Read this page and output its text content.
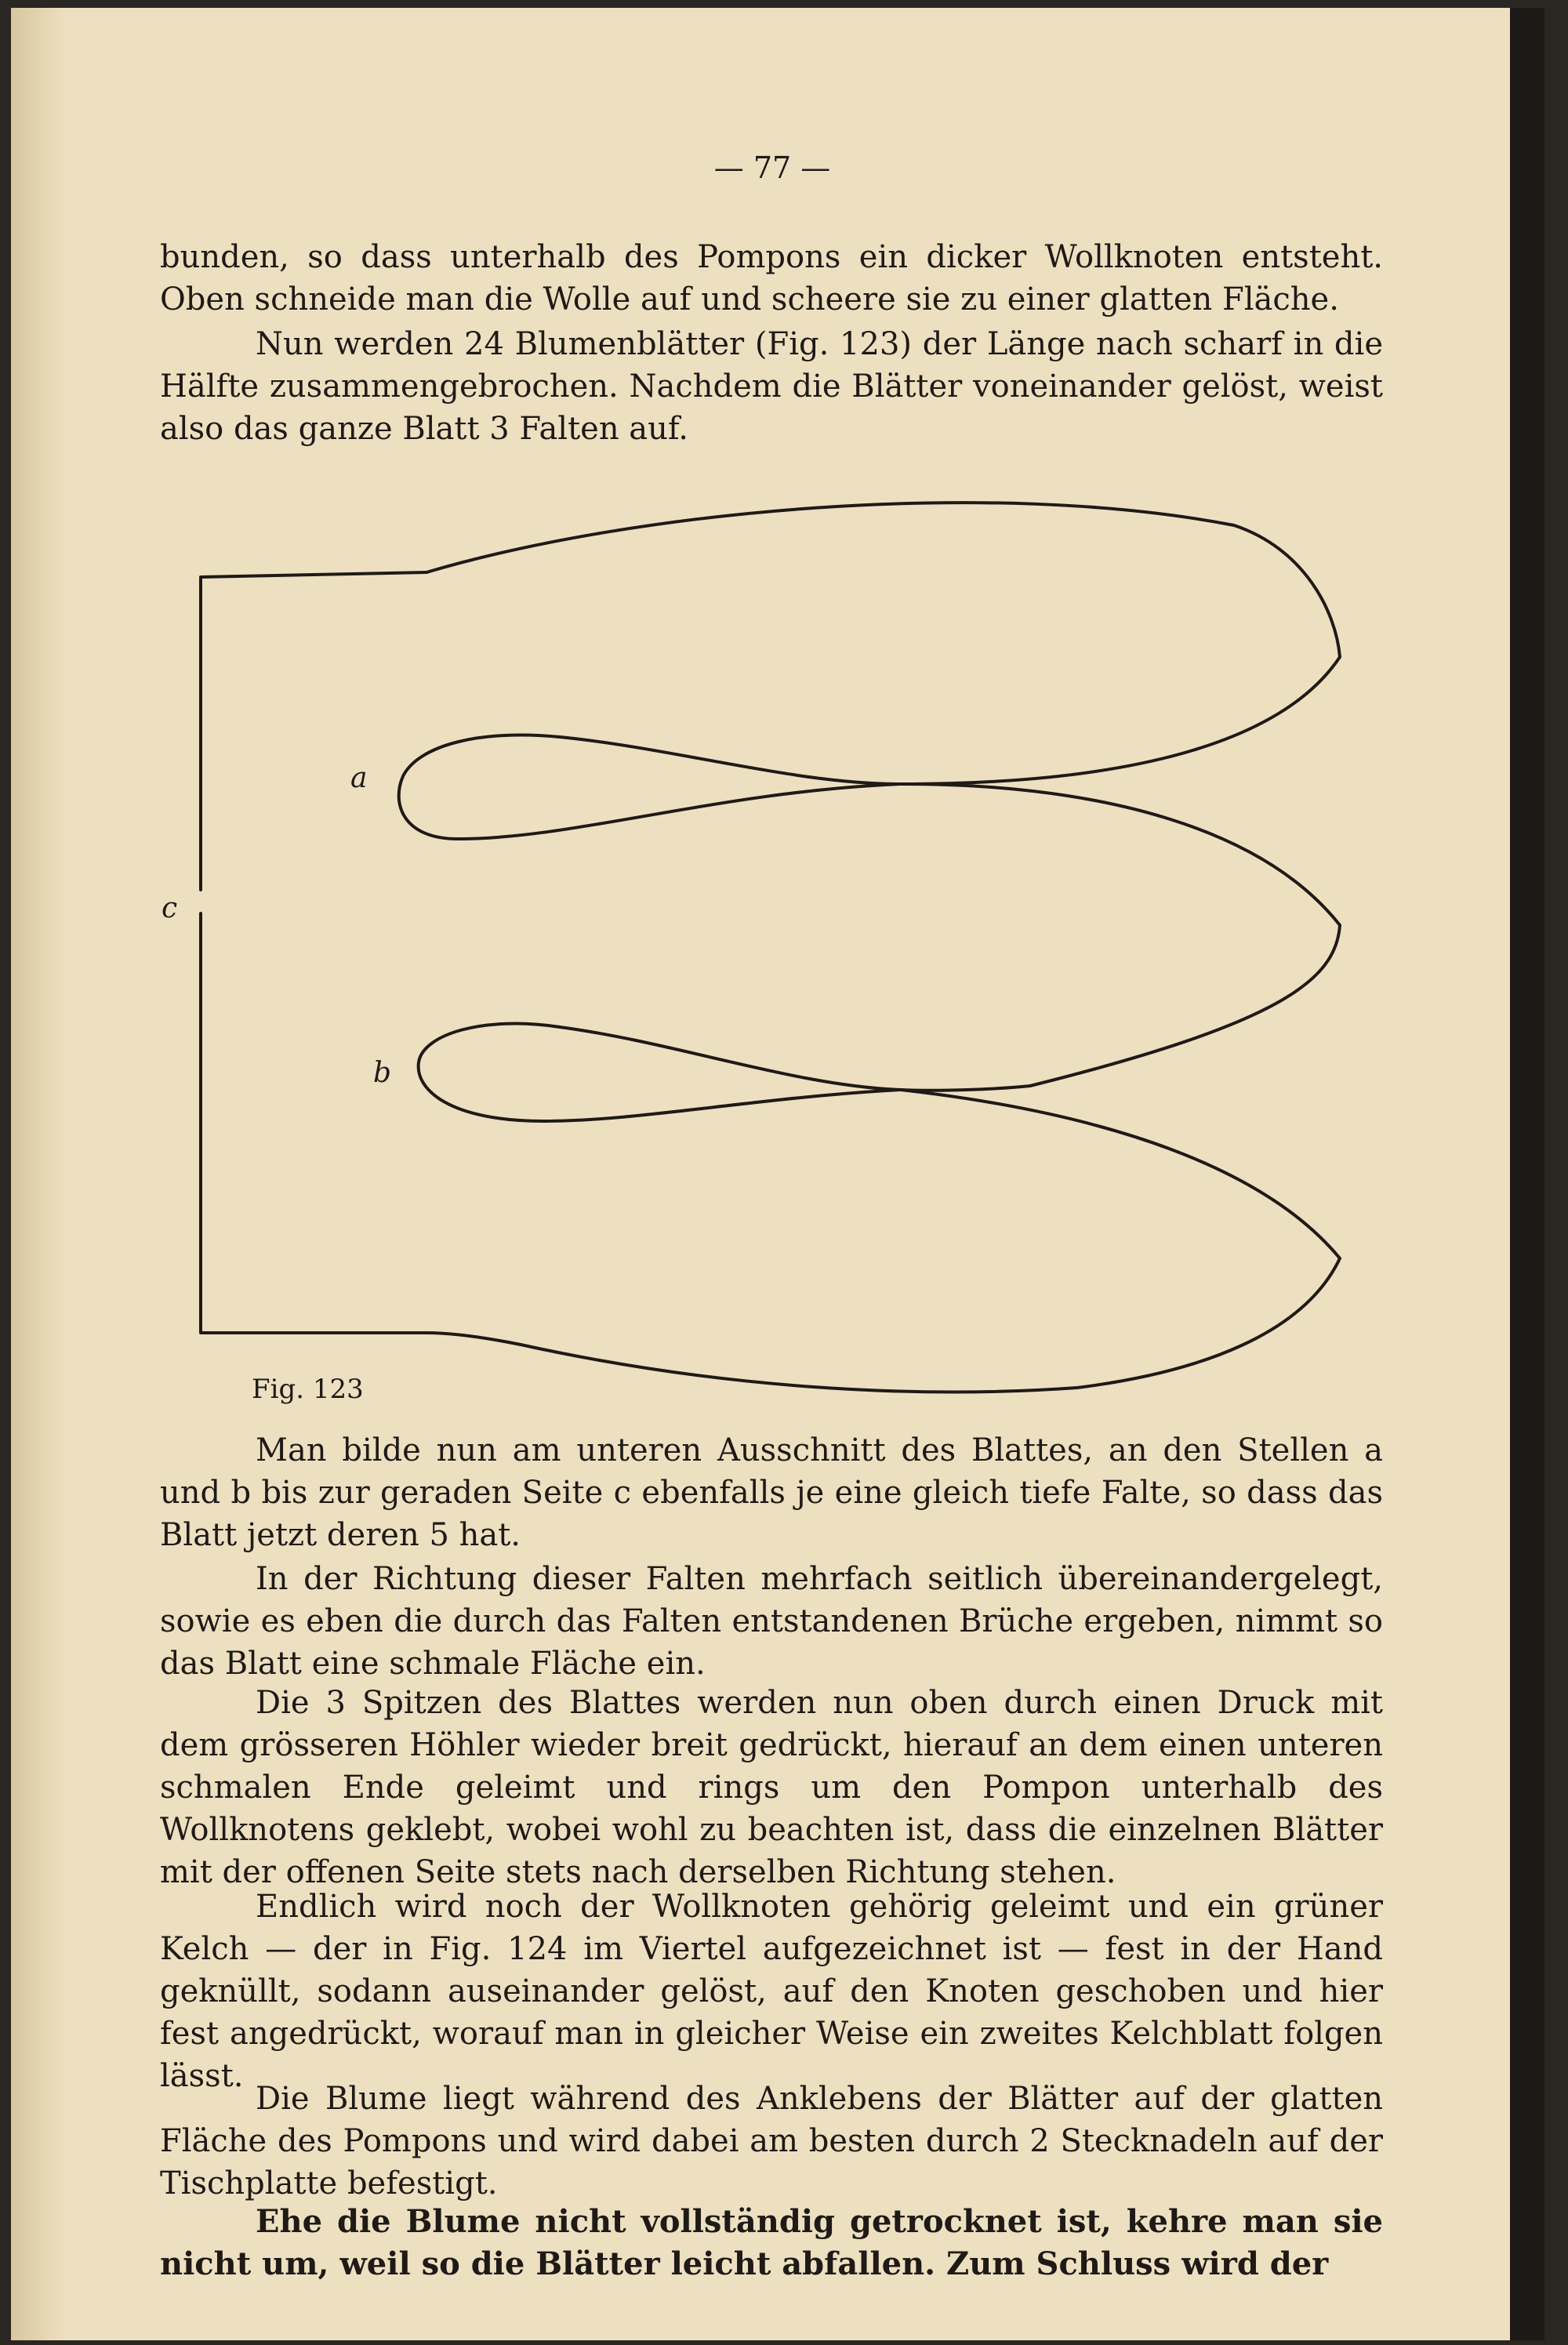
— 77 —

bunden, so dass unterhalb des Pompons ein dicker Wollknoten entsteht. Oben schneide man die Wolle auf und scheere sie zu einer glatten Fläche.

Nun werden 24 Blumenblätter (Fig. 123) der Länge nach scharf in die Hälfte zusammengebrochen. Nachdem die Blätter voneinander gelöst, weist also das ganze Blatt 3 Falten auf.

a
b
c
Fig. 123

Man bilde nun am unteren Ausschnitt des Blattes, an den Stellen a und b bis zur geraden Seite c ebenfalls je eine gleich tiefe Falte, so dass das Blatt jetzt deren 5 hat.

In der Richtung dieser Falten mehrfach seitlich übereinandergelegt, sowie es eben die durch das Falten entstandenen Brüche ergeben, nimmt so das Blatt eine schmale Fläche ein.

Die 3 Spitzen des Blattes werden nun oben durch einen Druck mit dem grösseren Höhler wieder breit gedrückt, hierauf an dem einen unteren schmalen Ende geleimt und rings um den Pompon unterhalb des Wollknotens geklebt, wobei wohl zu beachten ist, dass die einzelnen Blätter mit der offenen Seite stets nach derselben Richtung stehen.

Endlich wird noch der Wollknoten gehörig geleimt und ein grüner Kelch — der in Fig. 124 im Viertel aufgezeichnet ist — fest in der Hand geknüllt, sodann auseinander gelöst, auf den Knoten geschoben und hier fest angedrückt, worauf man in gleicher Weise ein zweites Kelchblatt folgen lässt.

Die Blume liegt während des Anklebens der Blätter auf der glatten Fläche des Pompons und wird dabei am besten durch 2 Stecknadeln auf der Tischplatte befestigt.

Ehe die Blume nicht vollständig getrocknet ist, kehre man sie nicht um, weil so die Blätter leicht abfallen. Zum Schluss wird der
